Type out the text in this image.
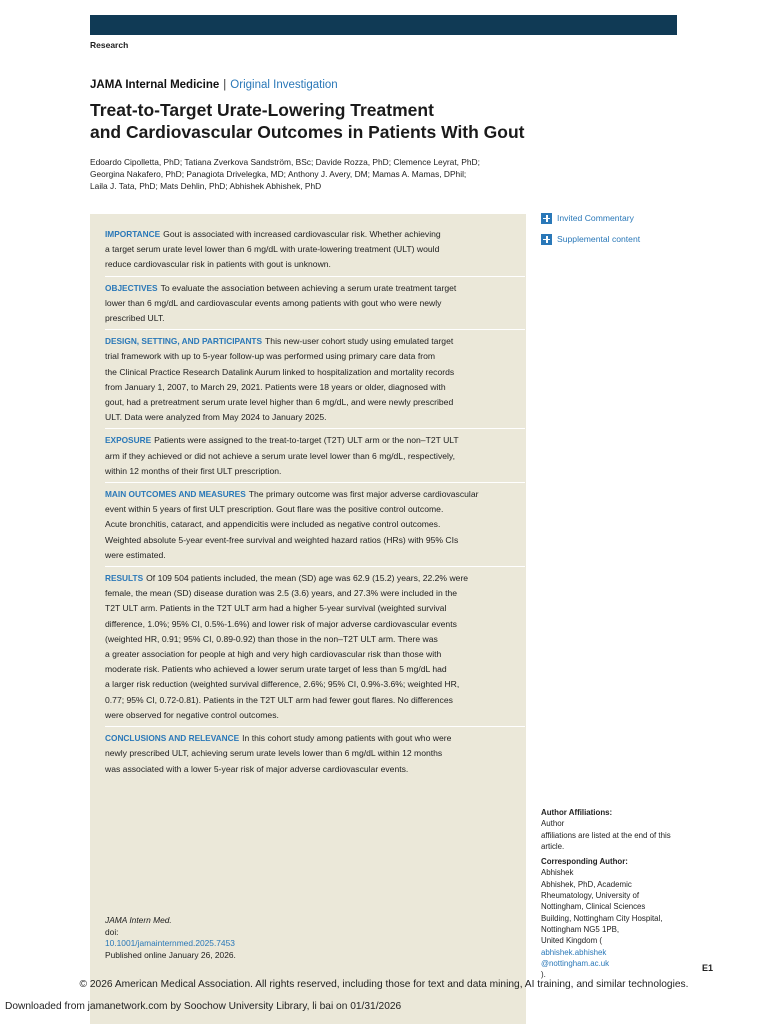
Research
JAMA Internal Medicine | Original Investigation
Treat-to-Target Urate-Lowering Treatment
and Cardiovascular Outcomes in Patients With Gout
Edoardo Cipolletta, PhD; Tatiana Zverkova Sandström, BSc; Davide Rozza, PhD; Clemence Leyrat, PhD;
Georgina Nakafero, PhD; Panagiota Drivelegka, MD; Anthony J. Avery, DM; Mamas A. Mamas, DPhil;
Laila J. Tata, PhD; Mats Dehlin, PhD; Abhishek Abhishek, PhD
IMPORTANCE Gout is associated with increased cardiovascular risk. Whether achieving
a target serum urate level lower than 6 mg/dL with urate-lowering treatment (ULT) would
reduce cardiovascular risk in patients with gout is unknown.
OBJECTIVES To evaluate the association between achieving a serum urate treatment target
lower than 6 mg/dL and cardiovascular events among patients with gout who were newly
prescribed ULT.
DESIGN, SETTING, AND PARTICIPANTS This new-user cohort study using emulated target
trial framework with up to 5-year follow-up was performed using primary care data from
the Clinical Practice Research Datalink Aurum linked to hospitalization and mortality records
from January 1, 2007, to March 29, 2021. Patients were 18 years or older, diagnosed with
gout, had a pretreatment serum urate level higher than 6 mg/dL, and were newly prescribed
ULT. Data were analyzed from May 2024 to January 2025.
EXPOSURE Patients were assigned to the treat-to-target (T2T) ULT arm or the non–T2T ULT
arm if they achieved or did not achieve a serum urate level lower than 6 mg/dL, respectively,
within 12 months of their first ULT prescription.
MAIN OUTCOMES AND MEASURES The primary outcome was first major adverse cardiovascular
event within 5 years of first ULT prescription. Gout flare was the positive control outcome.
Acute bronchitis, cataract, and appendicitis were included as negative control outcomes.
Weighted absolute 5-year event-free survival and weighted hazard ratios (HRs) with 95% CIs
were estimated.
RESULTS Of 109 504 patients included, the mean (SD) age was 62.9 (15.2) years, 22.2% were
female, the mean (SD) disease duration was 2.5 (3.6) years, and 27.3% were included in the
T2T ULT arm. Patients in the T2T ULT arm had a higher 5-year survival (weighted survival
difference, 1.0%; 95% CI, 0.5%-1.6%) and lower risk of major adverse cardiovascular events
(weighted HR, 0.91; 95% CI, 0.89-0.92) than those in the non–T2T ULT arm. There was
a greater association for people at high and very high cardiovascular risk than those with
moderate risk. Patients who achieved a lower serum urate target of less than 5 mg/dL had
a larger risk reduction (weighted survival difference, 2.6%; 95% CI, 0.9%-3.6%; weighted HR,
0.77; 95% CI, 0.72-0.81). Patients in the T2T ULT arm had fewer gout flares. No differences
were observed for negative control outcomes.
CONCLUSIONS AND RELEVANCE In this cohort study among patients with gout who were
newly prescribed ULT, achieving serum urate levels lower than 6 mg/dL within 12 months
was associated with a lower 5-year risk of major adverse cardiovascular events.
JAMA Intern Med.
doi:
10.1001/jamainternmed.2025.7453
Published online January 26, 2026.
Invited Commentary
Supplemental content
Author Affiliations:
Author
affiliations are listed at the end of this
article.
Corresponding Author:
Abhishek
Abhishek, PhD, Academic
Rheumatology, University of
Nottingham, Clinical Sciences
Building, Nottingham City Hospital,
Nottingham NG5 1PB,
United Kingdom (
abhishek.abhishek
@nottingham.ac.uk
).
E1
© 2026 American Medical Association. All rights reserved, including those for text and data mining, AI training, and similar technologies.
Downloaded from jamanetwork.com by Soochow University Library, li bai on 01/31/2026
